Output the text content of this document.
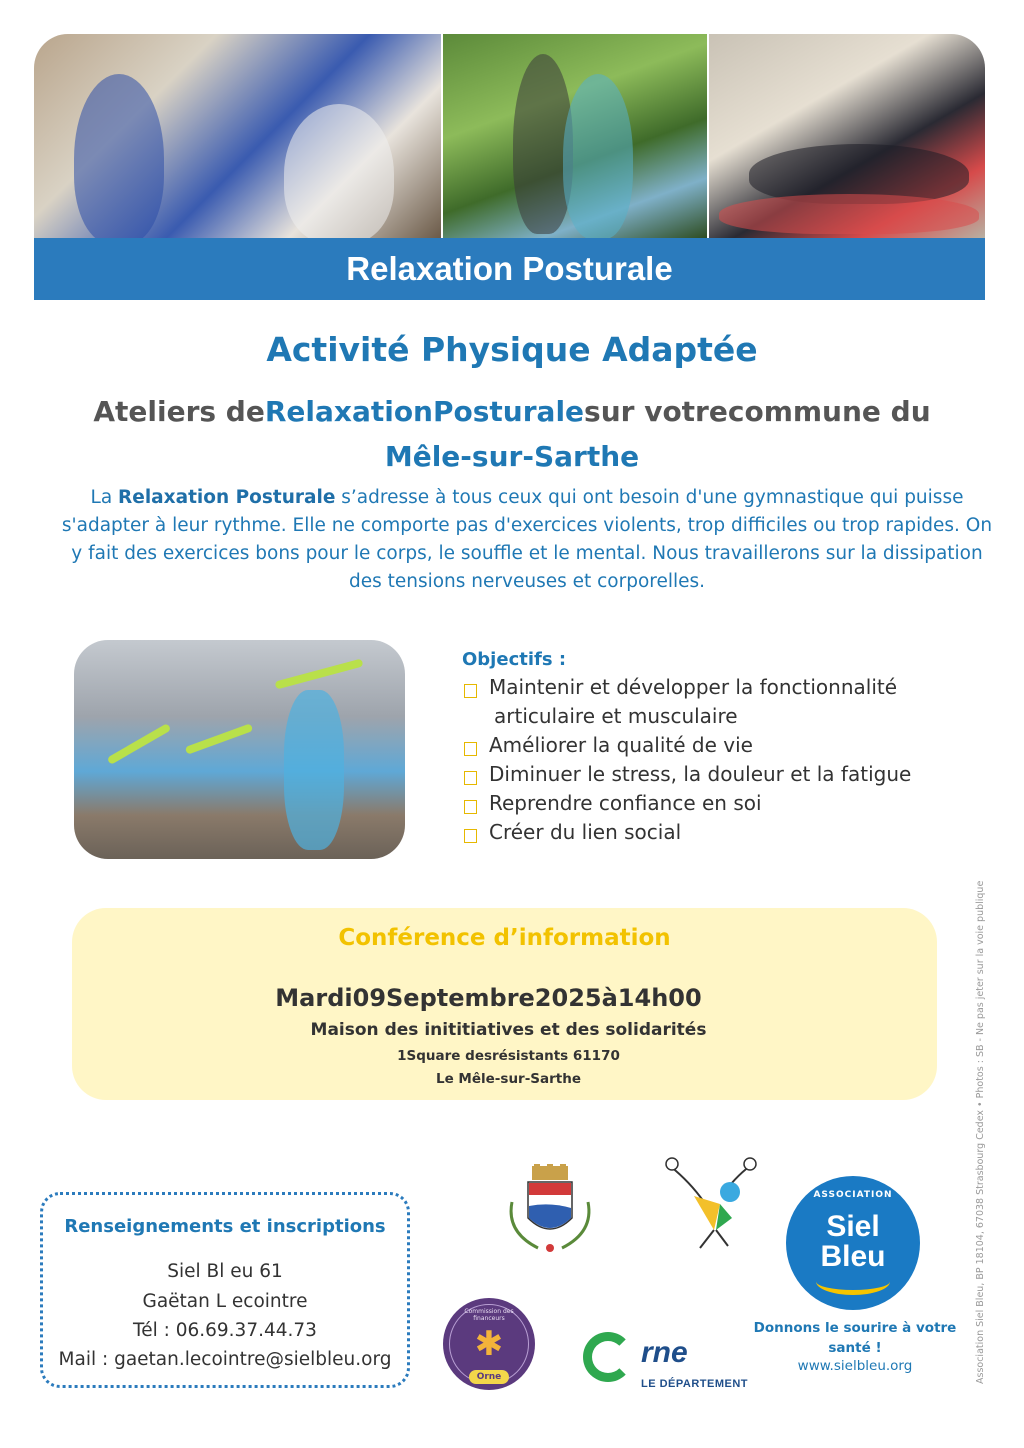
Relaxation Posturale
Activité Physique Adaptée
Ateliers deRelaxationPosturalesur votrecommune du
Mêle-sur-Sarthe
La Relaxation Posturale s’adresse à tous ceux qui ont besoin d'une gymnastique qui puisse s'adapter à leur rythme. Elle ne comporte pas d'exercices violents, trop difficiles ou trop rapides. On y fait des exercices bons pour le corps, le souffle et le mental. Nous travaillerons sur la dissipation des tensions nerveuses et corporelles.
Objectifs :
Maintenir et développer la fonctionnalité
articulaire et musculaire
Améliorer la qualité de vie
Diminuer le stress, la douleur et la fatigue
Reprendre confiance en soi
Créer du lien social
Conférence d’information
Mardi09Septembre2025à14h00
Maison des inititiatives et des solidarités
1Square desrésistants 61170
Le Mêle-sur-Sarthe
Renseignements et inscriptions
Siel Bl eu 61
Gaëtan L ecointre
Tél : 06.69.37.44.73
Mail : gaetan.lecointre@sielbleu.org
ASSOCIATION
Siel
Bleu
Donnons le sourire à votre santé !
www.sielbleu.org
Commission des financeurs
✱
Orne
rne
LE DÉPARTEMENT	Association Siel Bleu, BP 18104, 67038 Strasbourg Cedex • Photos : SB - Ne pas jeter sur la voie publique
